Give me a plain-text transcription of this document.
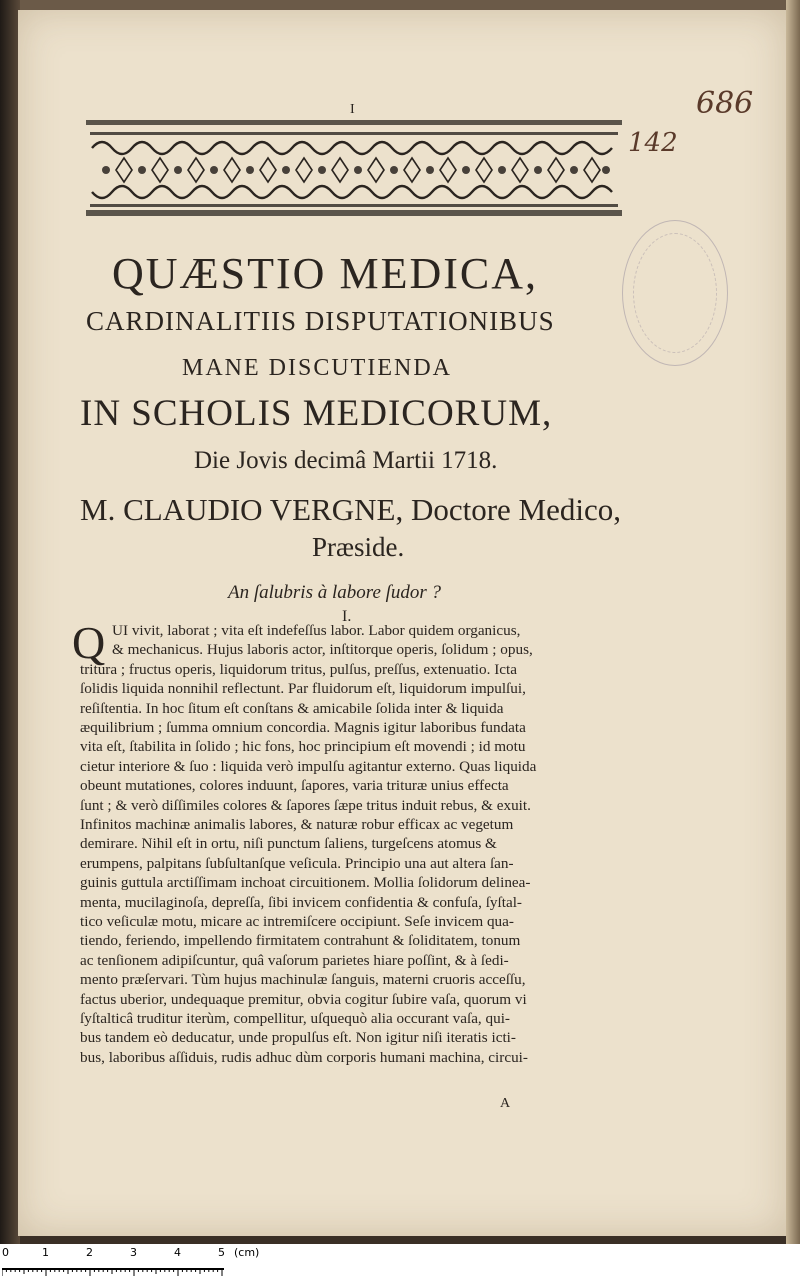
I	686
142
QUÆSTIO MEDICA,
CARDINALITIIS DISPUTATIONIBUS
MANE DISCUTIENDA
IN SCHOLIS MEDICORUM,
Die Jovis decimâ Martii 1718.
M. CLAUDIO VERGNE, Doctore Medico,
Præside.
An ſalubris à labore ſudor ?
I.
Q UI vivit, laborat ; vita eſt indefeſſus labor. Labor quidem organicus,
& mechanicus. Hujus laboris actor, inſtitorque operis, ſolidum ; opus,
tritura ; fructus operis, liquidorum tritus, pulſus, preſſus, extenuatio. Icta
ſolidis liquida nonnihil reflectunt. Par fluidorum eſt, liquidorum impulſui,
reſiſtentia. In hoc ſitum eſt conſtans & amicabile ſolida inter & liquida
æquilibrium ; ſumma omnium concordia. Magnis igitur laboribus fundata
vita eſt, ſtabilita in ſolido ; hic fons, hoc principium eſt movendi ; id motu
cietur interiore & ſuo : liquida verò impulſu agitantur externo. Quas liquida
obeunt mutationes, colores induunt, ſapores, varia trituræ unius effecta
ſunt ; & verò diſſimiles colores & ſapores ſæpe tritus induit rebus, & exuit.
Infinitos machinæ animalis labores, & naturæ robur efficax ac vegetum
demirare. Nihil eſt in ortu, niſi punctum ſaliens, turgeſcens atomus &
erumpens, palpitans ſubſultanſque veſicula. Principio una aut altera ſan-
guinis guttula arctiſſimam inchoat circuitionem. Mollia ſolidorum delinea-
menta, mucilaginoſa, depreſſa, ſibi invicem confidentia & confuſa, ſyſtal-
tico veſiculæ motu, micare ac intremiſcere occipiunt. Seſe invicem qua-
tiendo, feriendo, impellendo firmitatem contrahunt & ſoliditatem, tonum
ac tenſionem adipiſcuntur, quâ vaſorum parietes hiare poſſint, & à ſedi-
mento præſervari. Tùm hujus machinulæ ſanguis, materni cruoris acceſſu,
factus uberior, undequaque premitur, obvia cogitur ſubire vaſa, quorum vi
ſyſtalticâ truditur iterùm, compellitur, uſquequò alia occurant vaſa, qui-
bus tandem eò deducatur, unde propulſus eſt. Non igitur niſi iteratis icti-
bus, laboribus aſſiduis, rudis adhuc dùm corporis humani machina, circui-
A
0	1	2	3	4	5 (cm)
